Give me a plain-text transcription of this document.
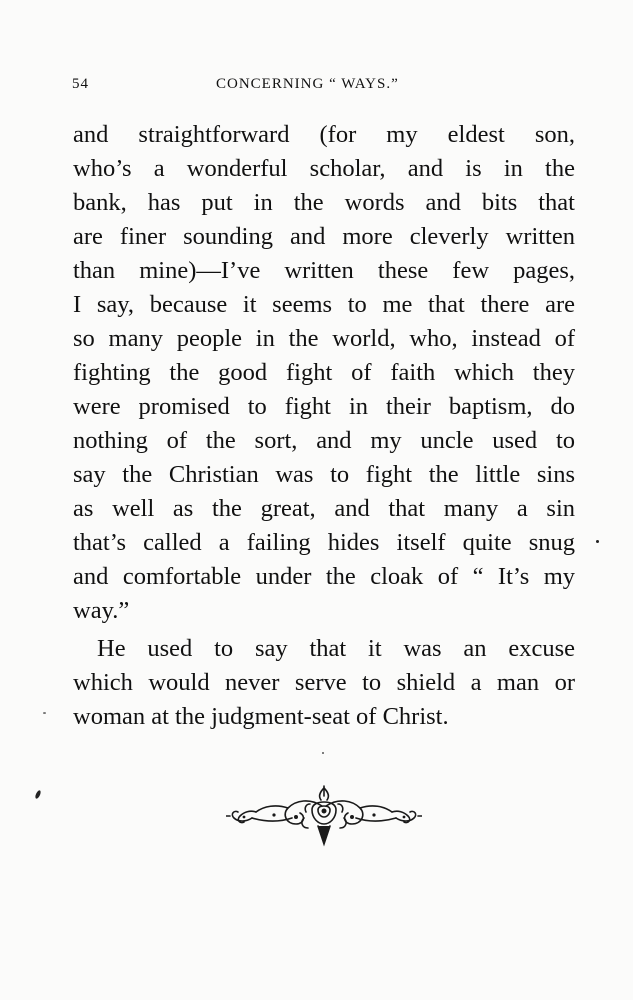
54	CONCERNING “ WAYS.”
and straightforward (for my eldest son,
who’s a wonderful scholar, and is in the
bank, has put in the words and bits that
are finer sounding and more cleverly written
than mine)—I’ve written these few pages,
I say, because it seems to me that there are
so many people in the world, who, instead of
fighting the good fight of faith which they
were promised to fight in their baptism, do
nothing of the sort, and my uncle used to
say the Christian was to fight the little sins
as well as the great, and that many a sin
that’s called a failing hides itself quite snug
and comfortable under the cloak of “ It’s my
way.”
He used to say that it was an excuse
which would never serve to shield a man or
woman at the judgment-seat of Christ.
